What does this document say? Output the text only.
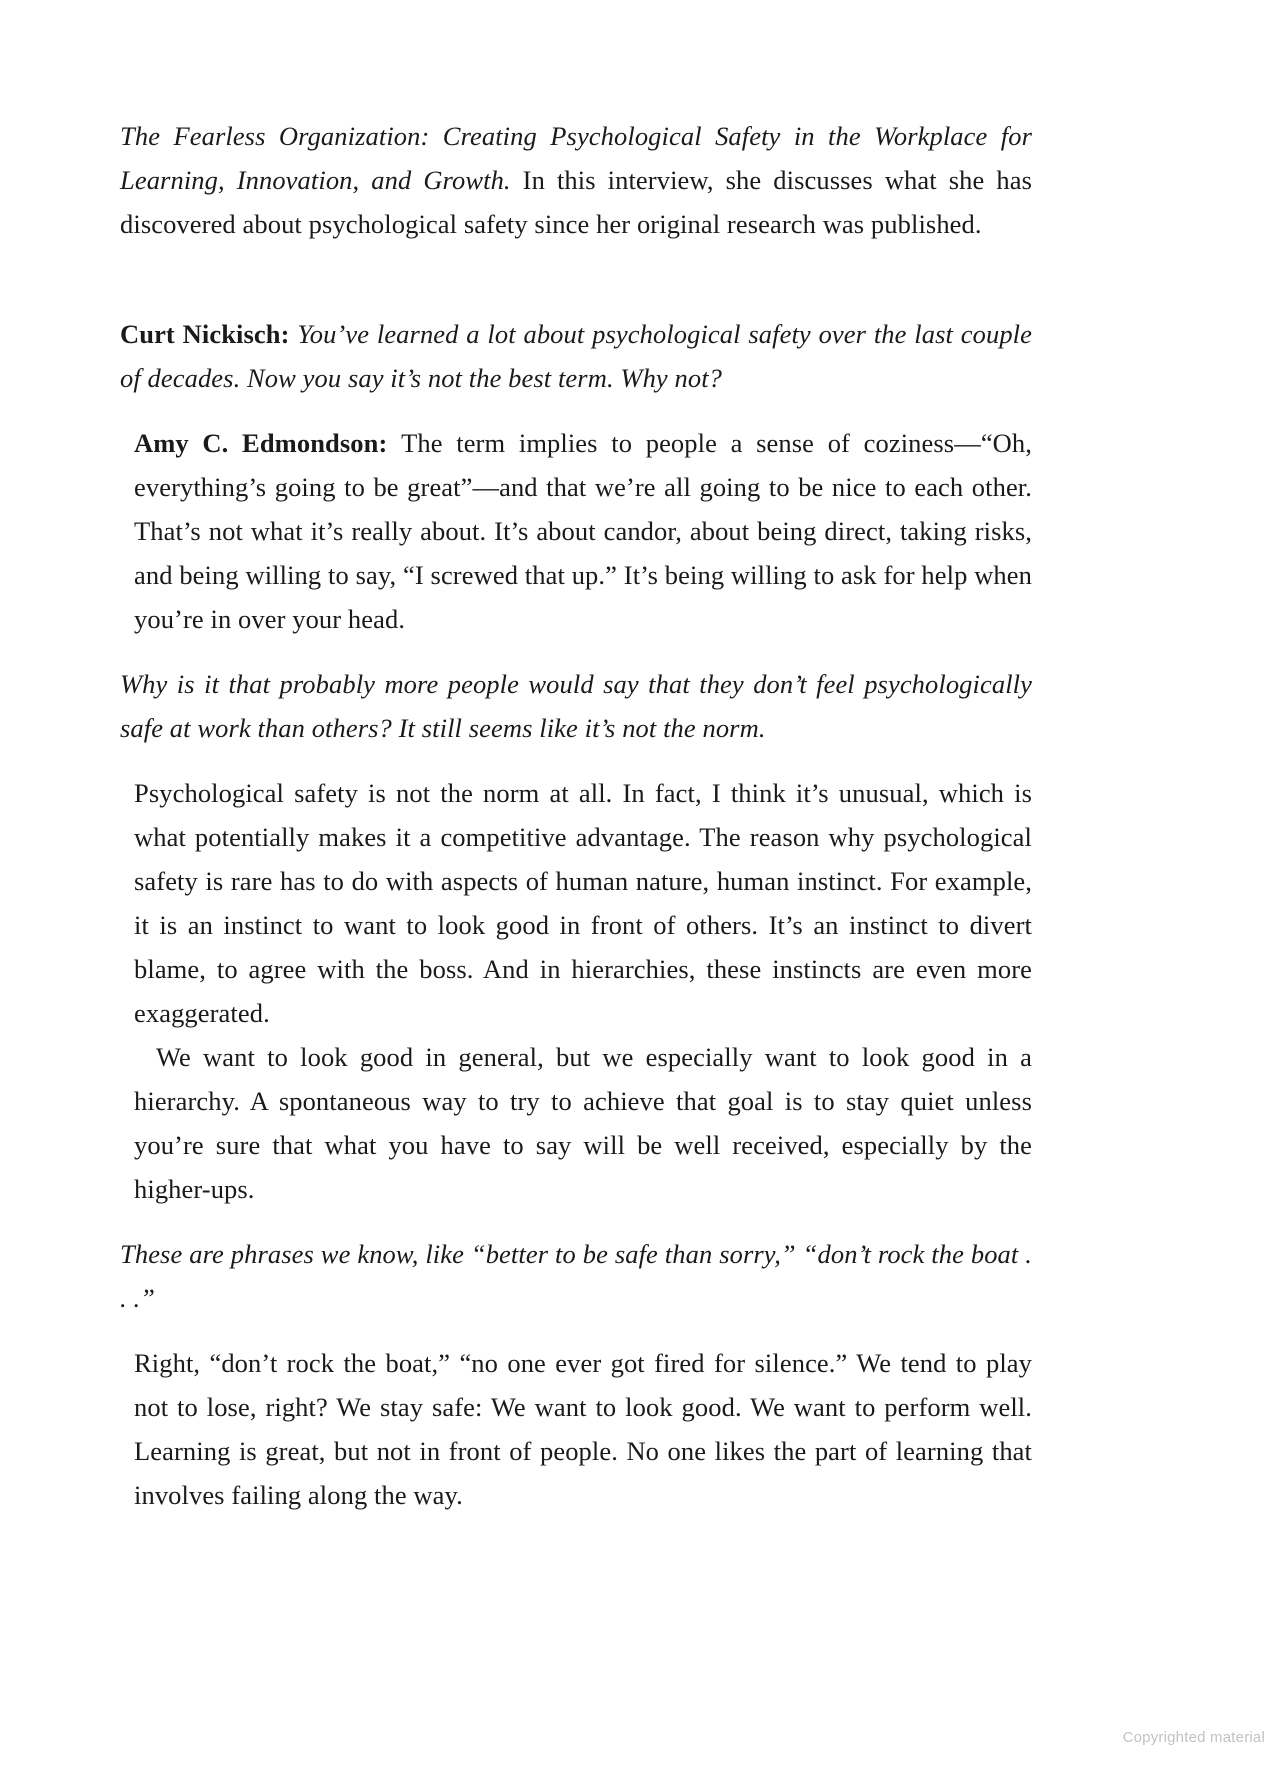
The Fearless Organization: Creating Psychological Safety in the Workplace for Learning, Innovation, and Growth. In this interview, she discusses what she has discovered about psychological safety since her original research was published.

Curt Nickisch: You’ve learned a lot about psychological safety over the last couple of decades. Now you say it’s not the best term. Why not?

Amy C. Edmondson: The term implies to people a sense of coziness—“Oh, everything’s going to be great”—and that we’re all going to be nice to each other. That’s not what it’s really about. It’s about candor, about being direct, taking risks, and being willing to say, “I screwed that up.” It’s being willing to ask for help when you’re in over your head.

Why is it that probably more people would say that they don’t feel psychologically safe at work than others? It still seems like it’s not the norm.

Psychological safety is not the norm at all. In fact, I think it’s unusual, which is what potentially makes it a competitive advantage. The reason why psychological safety is rare has to do with aspects of human nature, human instinct. For example, it is an instinct to want to look good in front of others. It’s an instinct to divert blame, to agree with the boss. And in hierarchies, these instincts are even more exaggerated.

We want to look good in general, but we especially want to look good in a hierarchy. A spontaneous way to try to achieve that goal is to stay quiet unless you’re sure that what you have to say will be well received, especially by the higher-ups.

These are phrases we know, like “better to be safe than sorry,” “don’t rock the boat . . .”

Right, “don’t rock the boat,” “no one ever got fired for silence.” We tend to play not to lose, right? We stay safe: We want to look good. We want to perform well. Learning is great, but not in front of people. No one likes the part of learning that involves failing along the way.

Copyrighted material
